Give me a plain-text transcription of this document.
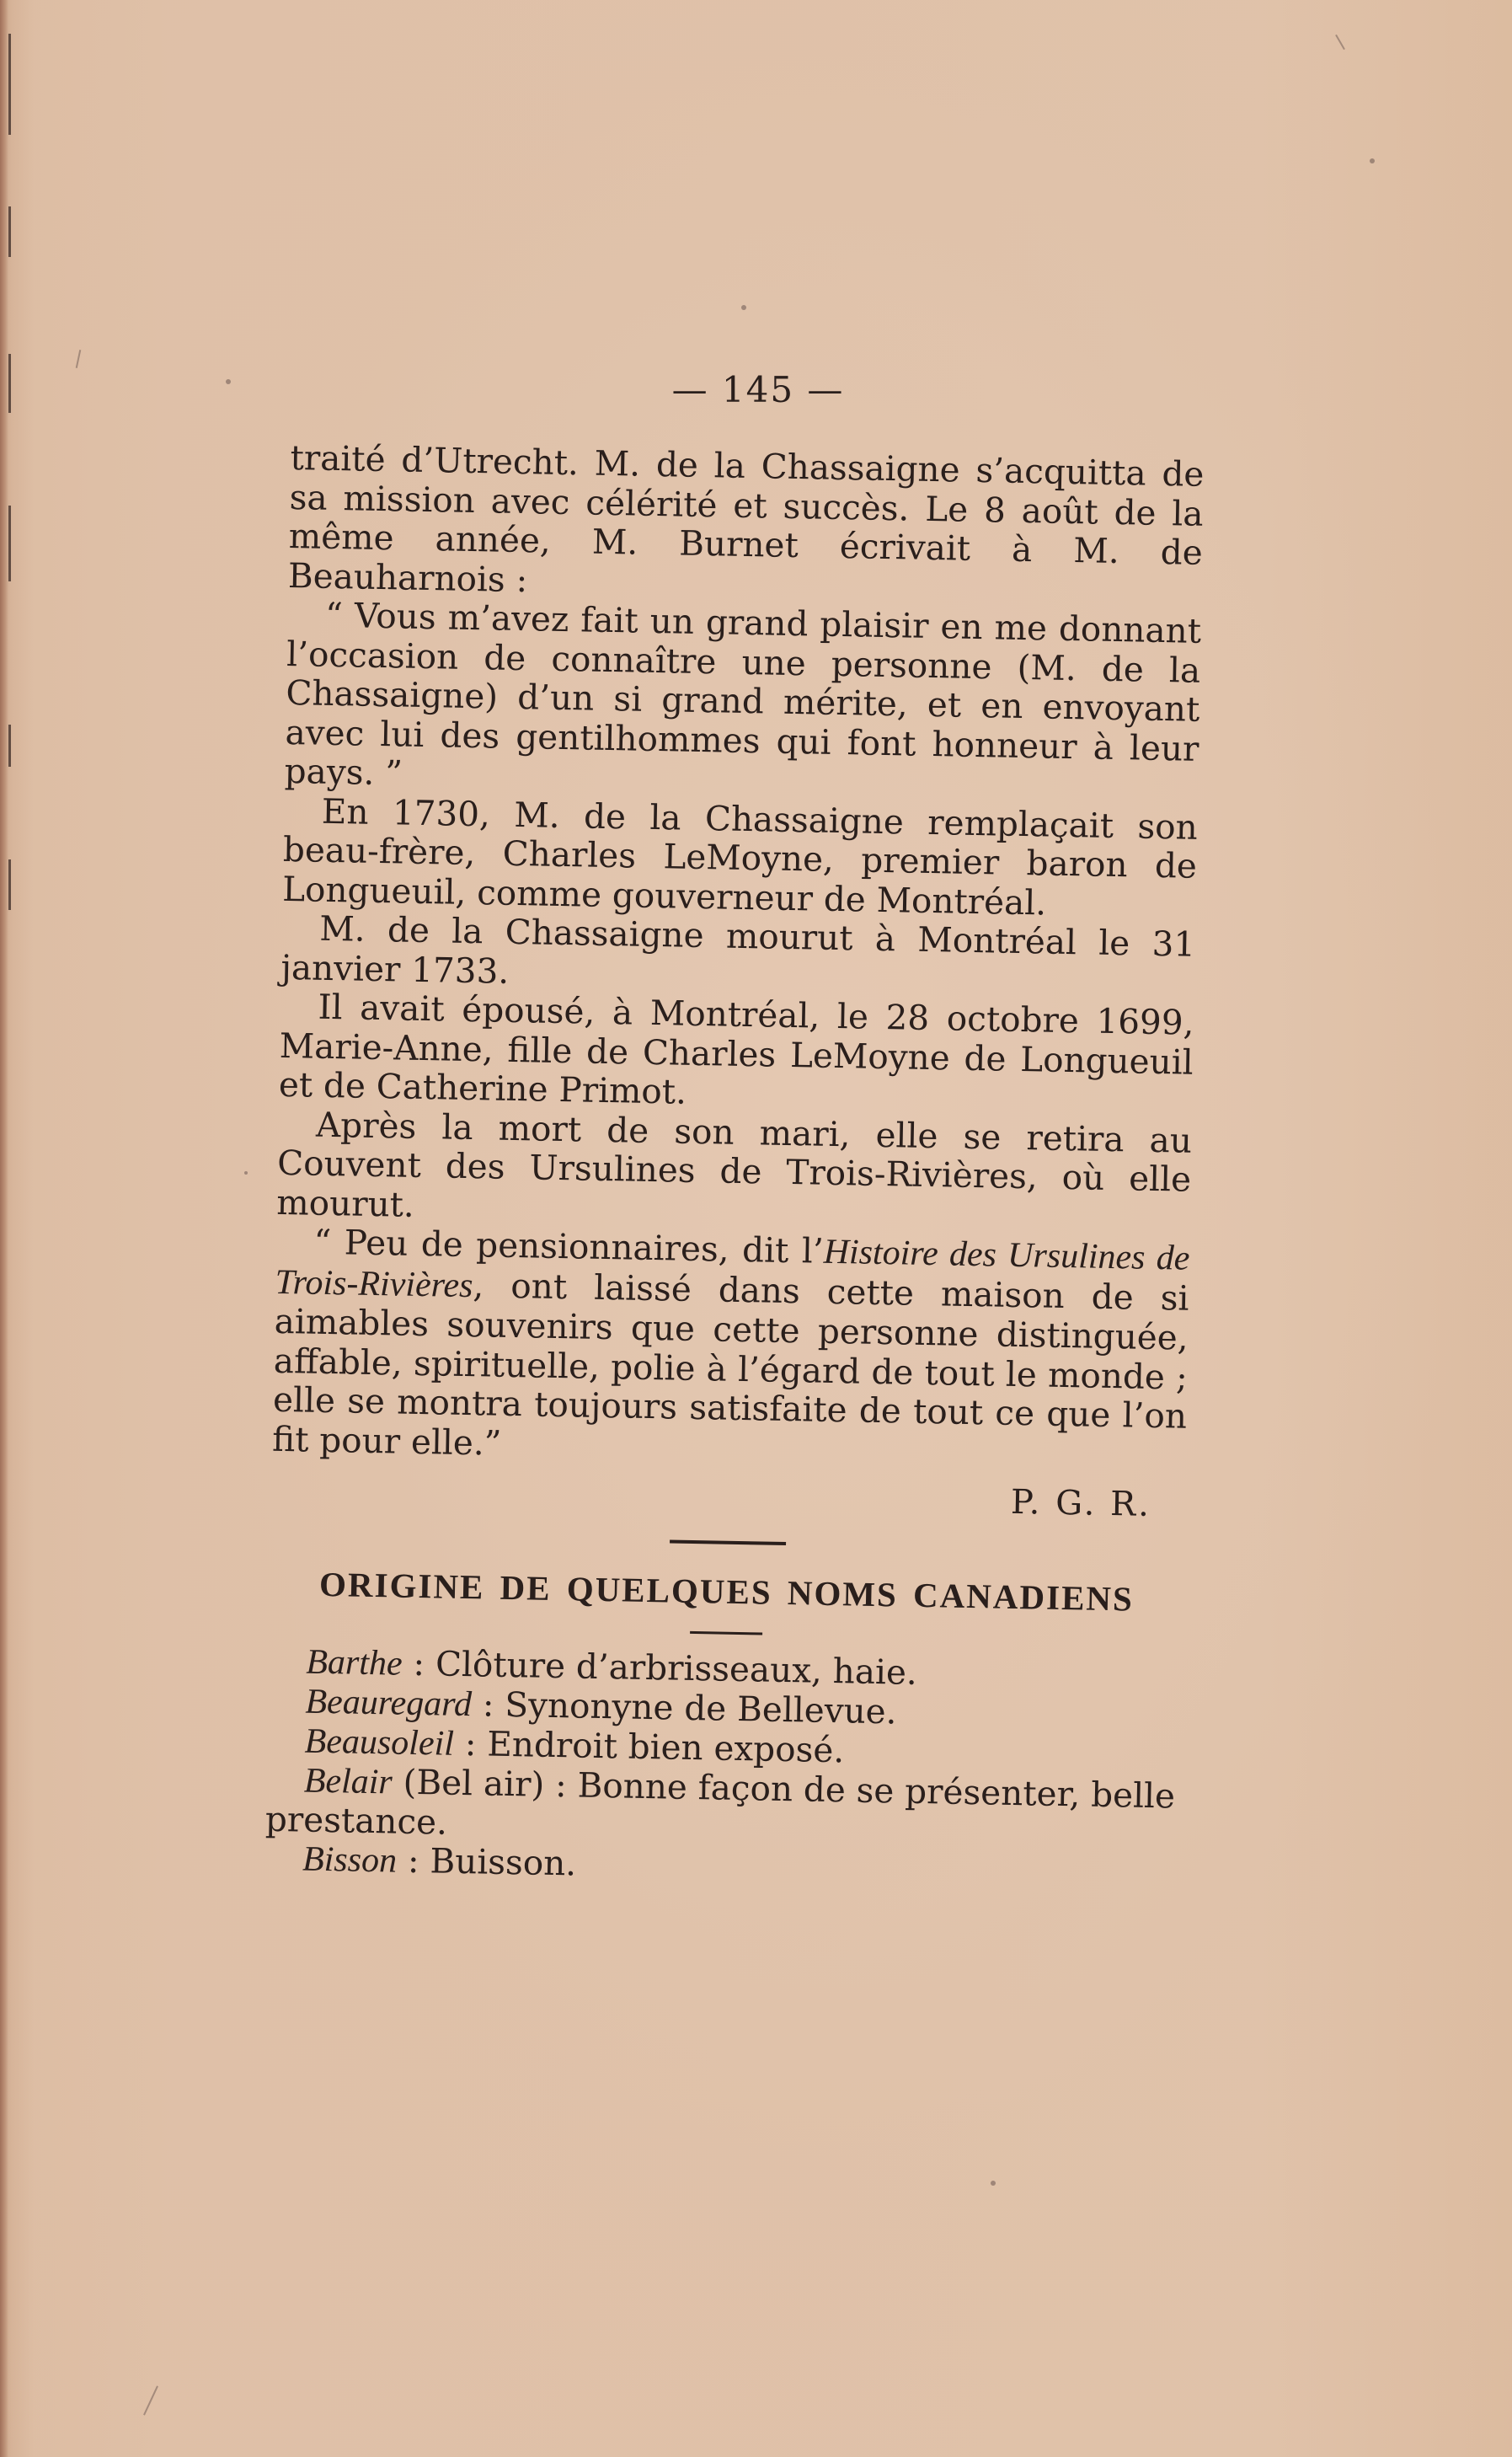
— 145 —

traité d’Utrecht. M. de la Chassaigne s’acquitta de sa mission avec célérité et succès. Le 8 août de la même année, M. Burnet écrivait à M. de Beauharnois :

“ Vous m’avez fait un grand plaisir en me donnant l’occasion de connaître une personne (M. de la Chassaigne) d’un si grand mérite, et en envoyant avec lui des gentilhommes qui font honneur à leur pays. ”

En 1730, M. de la Chassaigne remplaçait son beau-frère, Charles LeMoyne, premier baron de Longueuil, comme gouverneur de Montréal.

M. de la Chassaigne mourut à Montréal le 31 janvier 1733.

Il avait épousé, à Montréal, le 28 octobre 1699, Marie-Anne, fille de Charles LeMoyne de Longueuil et de Catherine Primot.

Après la mort de son mari, elle se retira au Couvent des Ursulines de Trois-Rivières, où elle mourut.

“ Peu de pensionnaires, dit l’Histoire des Ursulines de Trois-Rivières, ont laissé dans cette maison de si aimables souvenirs que cette personne distinguée, affable, spirituelle, polie à l’égard de tout le monde ; elle se montra toujours satisfaite de tout ce que l’on fit pour elle.”

P. G. R.

ORIGINE DE QUELQUES NOMS CANADIENS

Barthe : Clôture d’arbrisseaux, haie.

Beauregard : Synonyne de Bellevue.

Beausoleil : Endroit bien exposé.

Belair (Bel air) : Bonne façon de se présenter, belle prestance.

Bisson : Buisson.
